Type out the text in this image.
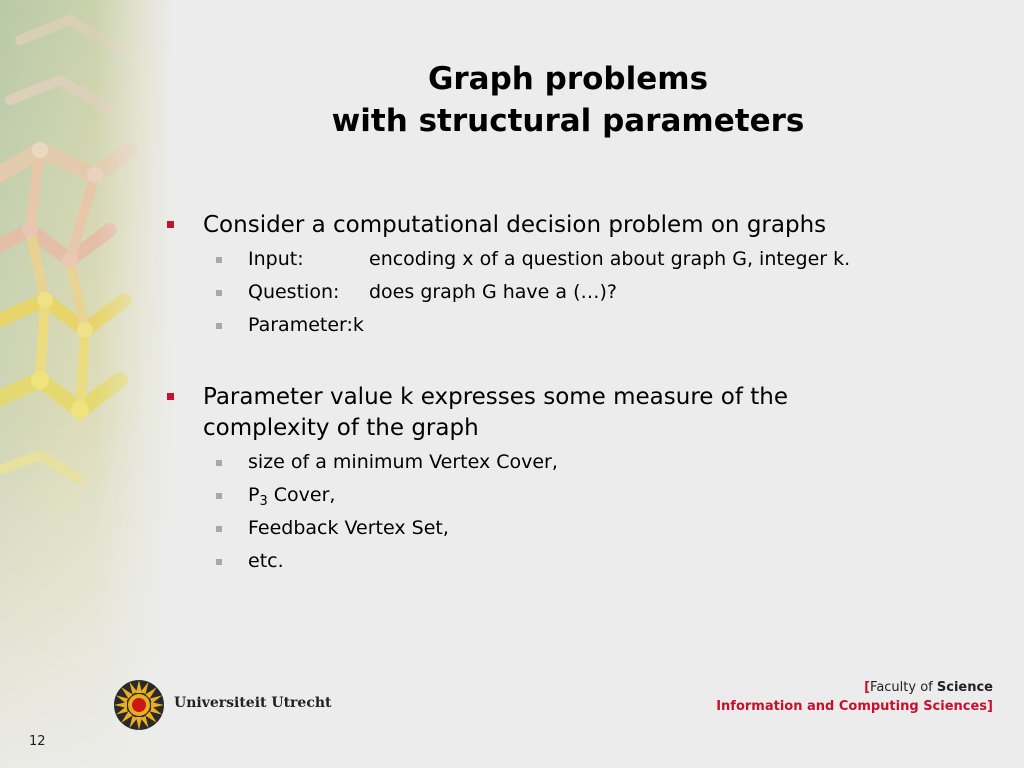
Graph problems
with structural parameters
Consider a computational decision problem on graphs
Input:	encoding x of a question about graph G, integer k.
Question: does graph G have a (…)?
Parameter:k
Parameter value k expresses some measure of the complexity of the graph
size of a minimum Vertex Cover,
$P_3$ Cover,
Feedback Vertex Set,
etc.
Universiteit Utrecht
[Faculty of Science
Information and Computing Sciences]
12
